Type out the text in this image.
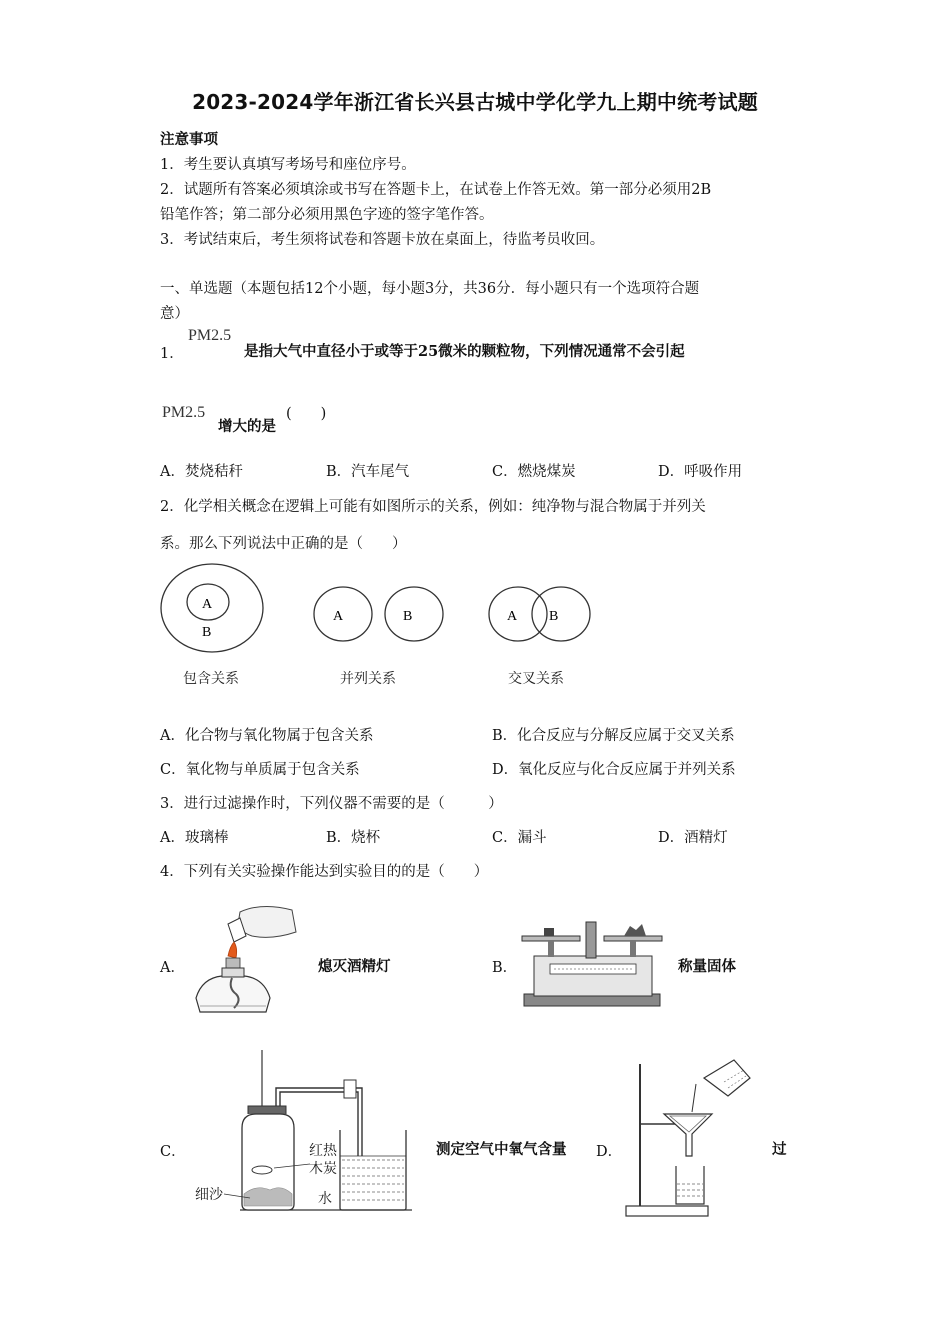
2023-2024学年浙江省长兴县古城中学化学九上期中统考试题
注意事项
1．考生要认真填写考场号和座位序号。
2．试题所有答案必须填涂或书写在答题卡上，在试卷上作答无效。第一部分必须用2B
铅笔作答；第二部分必须用黑色字迹的签字笔作答。
3．考试结束后，考生须将试卷和答题卡放在桌面上，待监考员收回。
一、单选题（本题包括12个小题，每小题3分，共36分．每小题只有一个选项符合题
意）
1．
PM2.5
是指大气中直径小于或等于25微米的颗粒物，下列情况通常不会引起
PM2.5
增大的是
(　　)
A．焚烧秸秆	B．汽车尾气	C．燃烧煤炭	D．呼吸作用
2．化学相关概念在逻辑上可能有如图所示的关系，例如：纯净物与混合物属于并列关
系。那么下列说法中正确的是（　　）
A
B
A	B	A B
包含关系	并列关系	交叉关系
A．化合物与氧化物属于包含关系	B．化合反应与分解反应属于交叉关系
C．氧化物与单质属于包含关系	D．氧化反应与化合反应属于并列关系
3．进行过滤操作时，下列仪器不需要的是（　　　）
A．玻璃棒	B．烧杯	C．漏斗	D．酒精灯
4．下列有关实验操作能达到实验目的的是（　　）
A．	熄灭酒精灯	B．	称量固体
C．	红热
木炭
水
细沙
测定空气中氧气含量 D．	过
